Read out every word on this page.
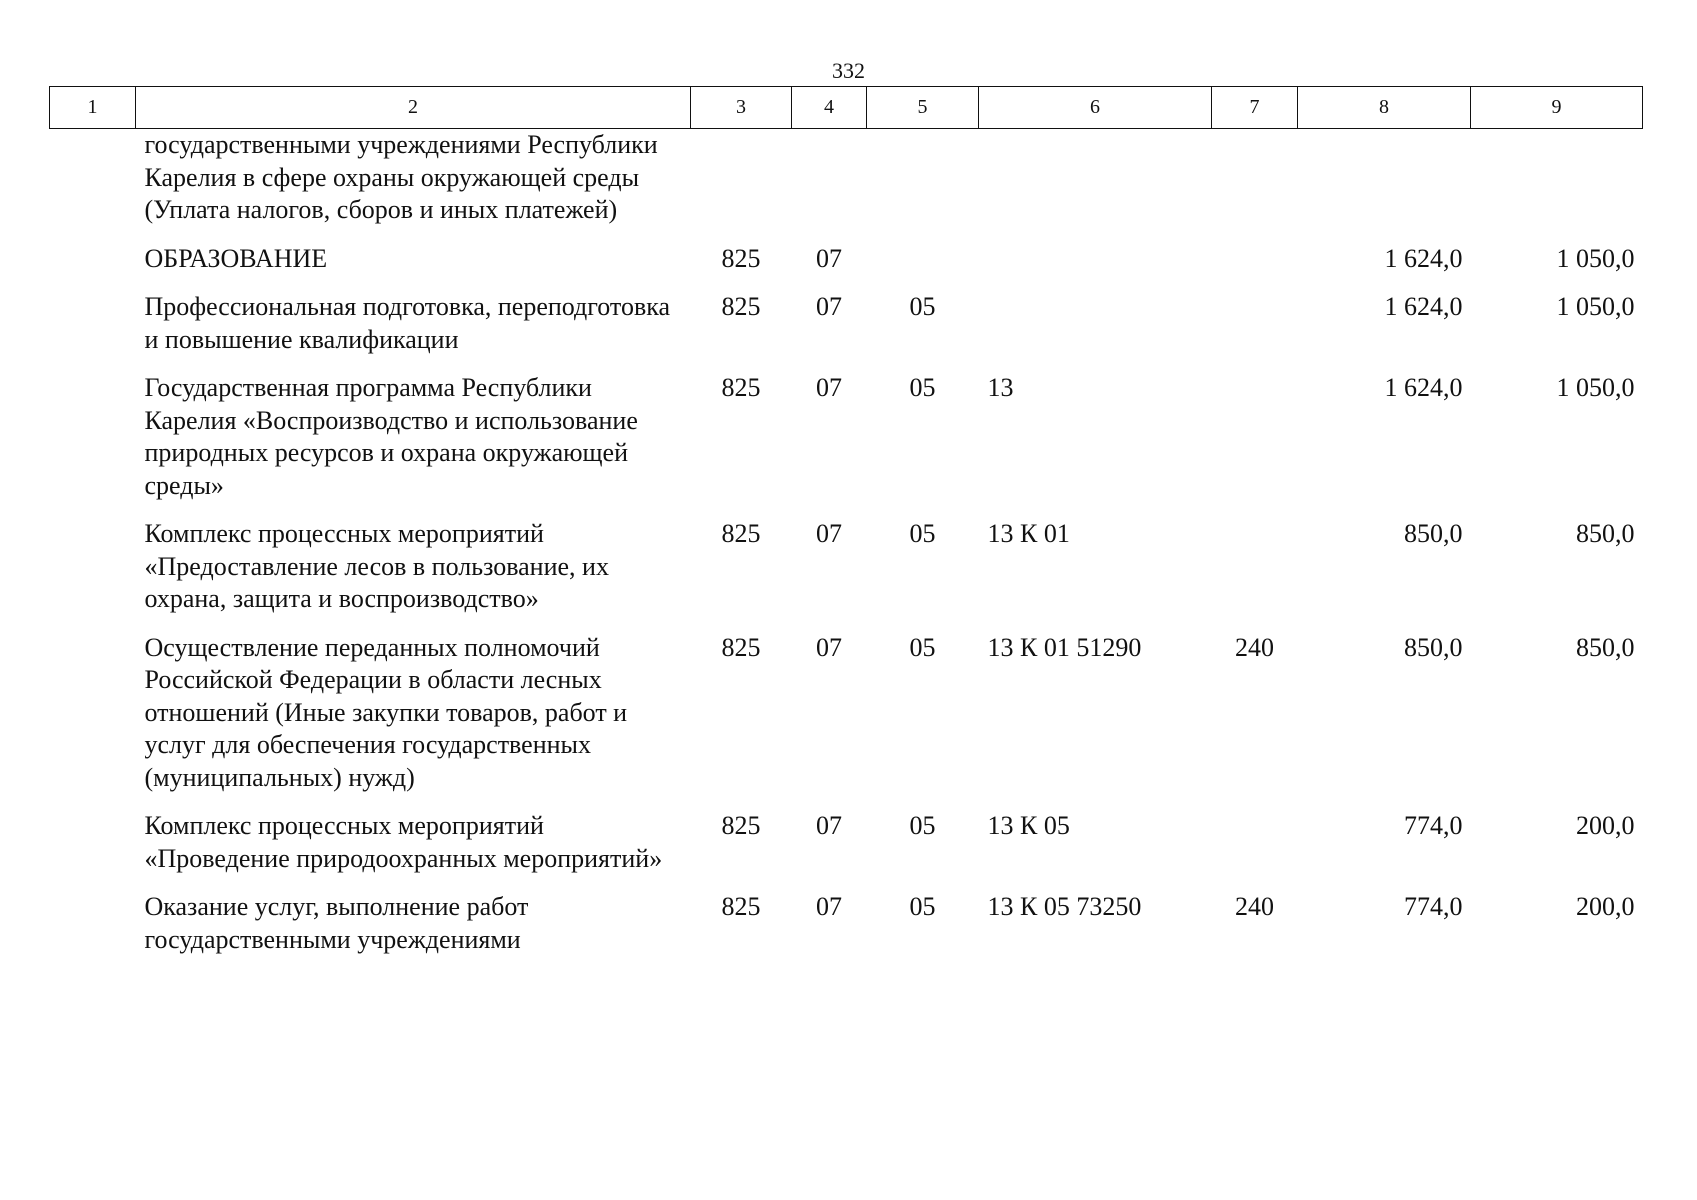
332
1	2	3	4	5	6	7	8	9
	государственными учреждениями Республики Карелия в сфере охраны окружающей среды (Уплата налогов, сборов и иных платежей)							
	ОБРАЗОВАНИЕ	825	07				1 624,0	1 050,0
	Профессиональная подготовка, переподготовка и повышение квалификации	825	07	05			1 624,0	1 050,0
	Государственная программа Республики Карелия «Воспроизводство и использование природных ресурсов и охрана окружающей среды»	825	07	05	13		1 624,0	1 050,0
	Комплекс процессных мероприятий «Предоставление лесов в пользование, их охрана, защита и воспроизводство»	825	07	05	13 К 01		850,0	850,0
	Осуществление переданных полномочий Российской Федерации в области лесных отношений (Иные закупки товаров, работ и услуг для обеспечения государственных (муниципальных) нужд)	825	07	05	13 К 01 51290	240	850,0	850,0
	Комплекс процессных мероприятий «Проведение природоохранных мероприятий»	825	07	05	13 К 05		774,0	200,0
	Оказание услуг, выполнение работ государственными учреждениями	825	07	05	13 К 05 73250	240	774,0	200,0
